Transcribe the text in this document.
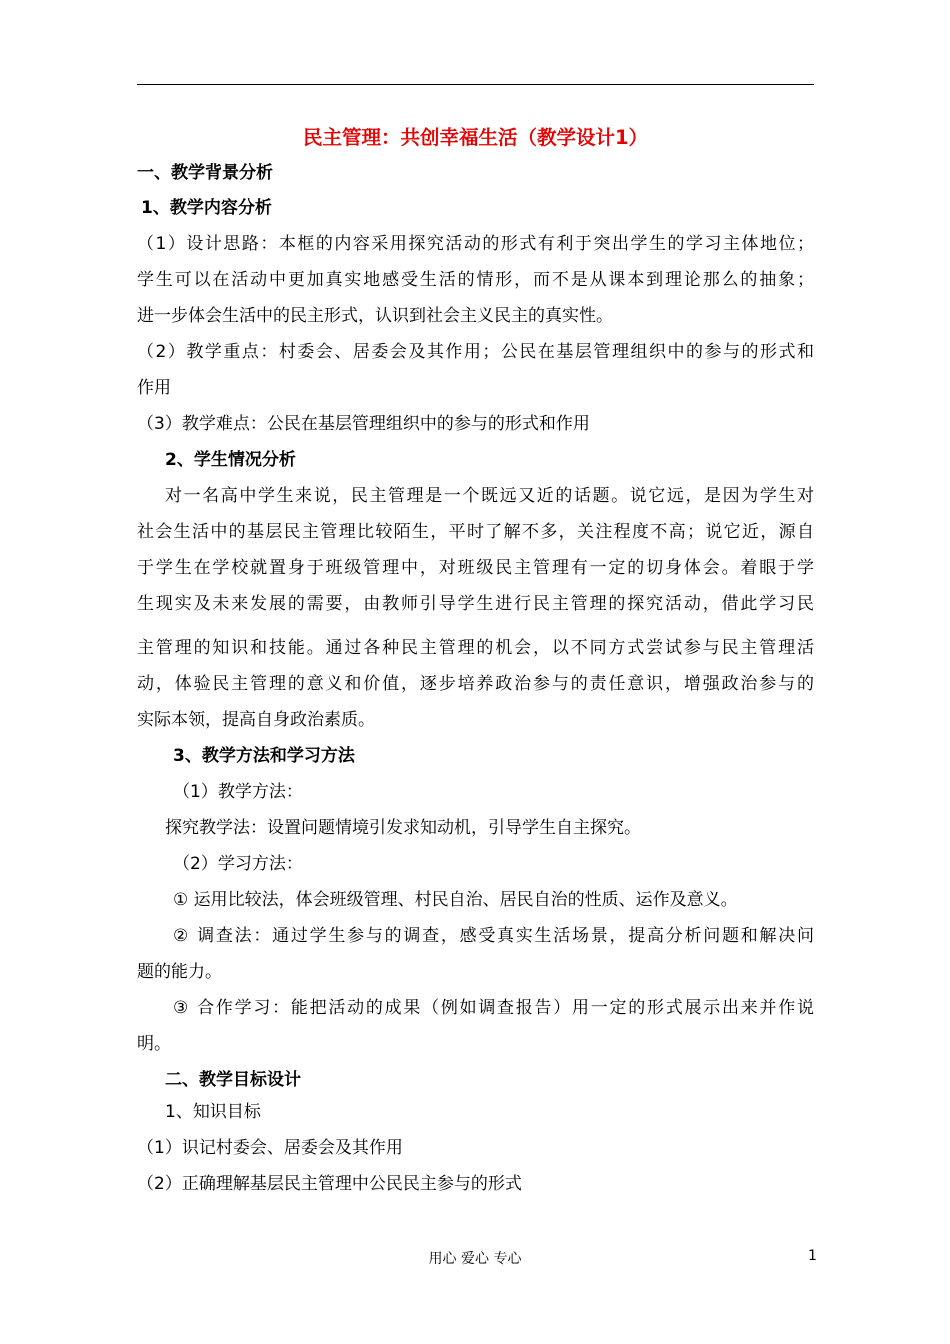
民主管理：共创幸福生活（教学设计1）
一、教学背景分析
1、教学内容分析
（1）设计思路：本框的内容采用探究活动的形式有利于突出学生的学习主体地位；
学生可以在活动中更加真实地感受生活的情形，而不是从课本到理论那么的抽象；
进一步体会生活中的民主形式，认识到社会主义民主的真实性。
（2）教学重点：村委会、居委会及其作用；公民在基层管理组织中的参与的形式和
作用
（3）教学难点：公民在基层管理组织中的参与的形式和作用
2、学生情况分析
对一名高中学生来说，民主管理是一个既远又近的话题。说它远，是因为学生对
社会生活中的基层民主管理比较陌生，平时了解不多，关注程度不高；说它近，源自
于学生在学校就置身于班级管理中，对班级民主管理有一定的切身体会。着眼于学
生现实及未来发展的需要，由教师引导学生进行民主管理的探究活动，借此学习民
主管理的知识和技能。通过各种民主管理的机会，以不同方式尝试参与民主管理活
动，体验民主管理的意义和价值，逐步培养政治参与的责任意识，增强政治参与的
实际本领，提高自身政治素质。
3、教学方法和学习方法
（1）教学方法：
探究教学法：设置问题情境引发求知动机，引导学生自主探究。
（2）学习方法：
① 运用比较法，体会班级管理、村民自治、居民自治的性质、运作及意义。
② 调查法：通过学生参与的调查，感受真实生活场景，提高分析问题和解决问
题的能力。
③ 合作学习：能把活动的成果（例如调查报告）用一定的形式展示出来并作说
明。
二、教学目标设计
1、知识目标
（1）识记村委会、居委会及其作用
（2）正确理解基层民主管理中公民民主参与的形式
用心 爱心 专心	1
